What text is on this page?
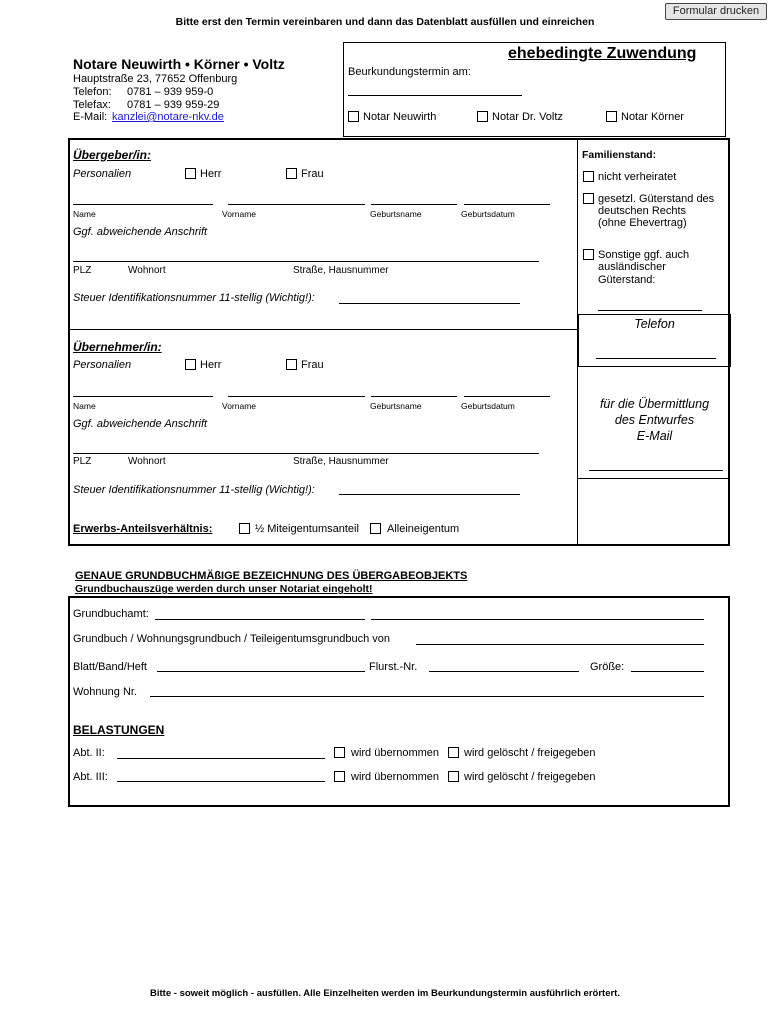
Bitte erst den Termin vereinbaren und dann das Datenblatt ausfüllen und einreichen
Formular drucken
Notare Neuwirth • Körner • Voltz
Hauptstraße 23, 77652 Offenburg
Telefon: 0781 – 939 959-0
Telefax: 0781 – 939 959-29
E-Mail: kanzlei@notare-nkv.de
ehebedingte Zuwendung
Beurkundungstermin am:
Notar Neuwirth	Notar Dr. Voltz	Notar Körner
Übergeber/in:
Personalien	Herr	Frau
Name	Vorname	Geburtsname	Geburtsdatum
Ggf. abweichende Anschrift
PLZ	Wohnort	Straße, Hausnummer
Steuer Identifikationsnummer 11-stellig (Wichtig!):
Familienstand:
nicht verheiratet
gesetzl. Güterstand des
deutschen Rechts
(ohne Ehevertrag)
Sonstige ggf. auch
ausländischer
Güterstand:
Telefon
für die Übermittlung
des Entwurfes
E-Mail
Übernehmer/in:
Personalien	Herr	Frau
Name	Vorname	Geburtsname	Geburtsdatum
Ggf. abweichende Anschrift
PLZ	Wohnort	Straße, Hausnummer
Steuer Identifikationsnummer 11-stellig (Wichtig!):
Erwerbs-Anteilsverhältnis:	½ Miteigentumsanteil	Alleineigentum
GENAUE GRUNDBUCHMÄßIGE BEZEICHNUNG DES ÜBERGABEOBJEKTS
Grundbuchauszüge werden durch unser Notariat eingeholt!
Grundbuchamt:
Grundbuch / Wohnungsgrundbuch / Teileigentumsgrundbuch von
Blatt/Band/Heft	Flurst.-Nr.	Größe:
Wohnung Nr.
BELASTUNGEN
Abt. II:	wird übernommen wird gelöscht / freigegeben
Abt. III:	wird übernommen wird gelöscht / freigegeben
Bitte - soweit möglich - ausfüllen. Alle Einzelheiten werden im Beurkundungstermin ausführlich erörtert.
